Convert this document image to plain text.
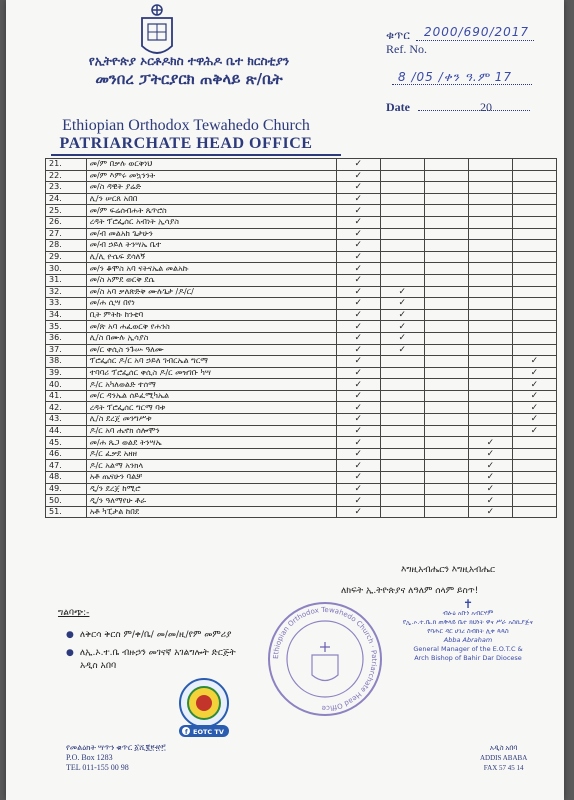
የኢትዮጵያ ኦርቶዶክስ ተዋሕዶ ቤተ ክርስቲያን
መንበረ ፓትርያርክ ጠቅላይ ጽ/ቤት
Ethiopian Orthodox Tewahedo Church
PATRIARCHATE HEAD OFFICE
ቁጥር 2000/690/2017
Ref. No.
8 /05 /ቀን ዓ.ም 17
Date	20
21.	መ/ም በቃሉ ወርቅነህ	✓				
22.	መ/ም እምሩ መኳንንት	✓				
23.	መ/ስ ዳዊት ያሬድ	✓				
24.	ሊ/ን ሠርጸ አበበ	✓				
25.	መ/ም ፍሬሰብሐት ጴጥሮስ	✓				
26.	ረዳት ፕሮፌሰር አብነት ኢሳያስ	✓				
27.	መ/ብ መልአከ ጌታሁን	✓				
28.	መ/ብ ኃይለ ትንሣኤ ቤተ	✓				
29.	ሊ/ሊ ዮሴፍ ደሳለኝ	✓				
30.	መ/ን ቆሞስ አባ ናትናኤል መልአኩ	✓				
31.	መ/ስ አምደ ወርቅ ደሴ	✓				
32.	መ/ስ አባ ቃለጽድቅ ሙሉጌታ /ዶ/ር/	✓	✓			
33.	መ/ሐ ሲሣ በየነ	✓	✓			
34.	ቢት ምትኩ ከንቲባ	✓	✓			
35.	መ/ጽ አባ ሐፈወርቅ የሐንስ	✓	✓			
36.	ሊ/ስ በሙሉ ኢሳያስ	✓	✓			
37.	መ/ር ቀሲስ ንጉሡ ዓለሙ	✓	✓			
38.	ፕሮፌሰር ዶ/ር አባ ኃይለ ገብርኤል ግርማ	✓				✓
39.	ተባባሪ ፕሮፌሰር ቀሲስ ዶ/ር መዝገቡ ካሣ	✓				✓
40.	ዶ/ር አካለወልድ ተሰማ	✓				✓
41.	መ/ር ዳንኤል ሰይፈሚካኤል	✓				✓
42.	ረዳት ፕሮፌሰር ግርማ ባቱ	✓				✓
43.	ሊ/ስ ደረጀ መንግሥቱ	✓				✓
44.	ዶ/ር አባ ሔኖክ ሰሎሞን	✓				✓
45.	መ/ሐ ጼጋ ወልደ ትንሣኤ	✓			✓	
46.	ዶ/ር ፈቃደ አዘዘ	✓			✓	
47.	ዶ/ር አልማ አንክላ	✓			✓	
48.	አቶ ጤናሁን ባልቻ	✓			✓	
49.	ዲ/ን ደረጀ ከሚሮ	✓			✓	
50.	ዲ/ን ዓለማየሁ ቶራ	✓			✓	
51.	አቶ ካፒታል ከበደ	✓			✓	
እግዚአብሔርን እግዚአብሔር
ለክፍት ኢ.ትዮጵያና ለዓለም ሰላም ይስጥ!
ግልባጭ:-
● ለቅርሳ ቅርስ ም/ቀ/ቤ/ መ/መ/ዚ/የም መምሪያ
● ለኢ.ኦ.ተ.ቤ ብዙኃን መገናኛ አገልግሎት ድርጅት
አዲስ አበባ
Ethiopian Orthodox Tewahedo Church · Patriarchate Head Office
✝
ብፁዕ አቡነ አብርሃም
የኢ.ኦ.ተ.ቤ.ክ ጠቅላይ ቤተ ክህነት ዋና ሥራ አስኪያጅና
የባሕር ዳር ሀገረ ስብከት ሊቀ ጳጳስ
Abba Abraham
General Manager of the E.O.T.C &
Arch Bishop of Bahir Dar Diocese
f EOTC TV
የመልዕክት ሣጥን ቁጥር ፩ሺ፪፻፹፫
P.O. Box 1283
TEL 011-155 00 98
አዲስ አበባ
ADDIS ABABA
FAX 57 45 14
